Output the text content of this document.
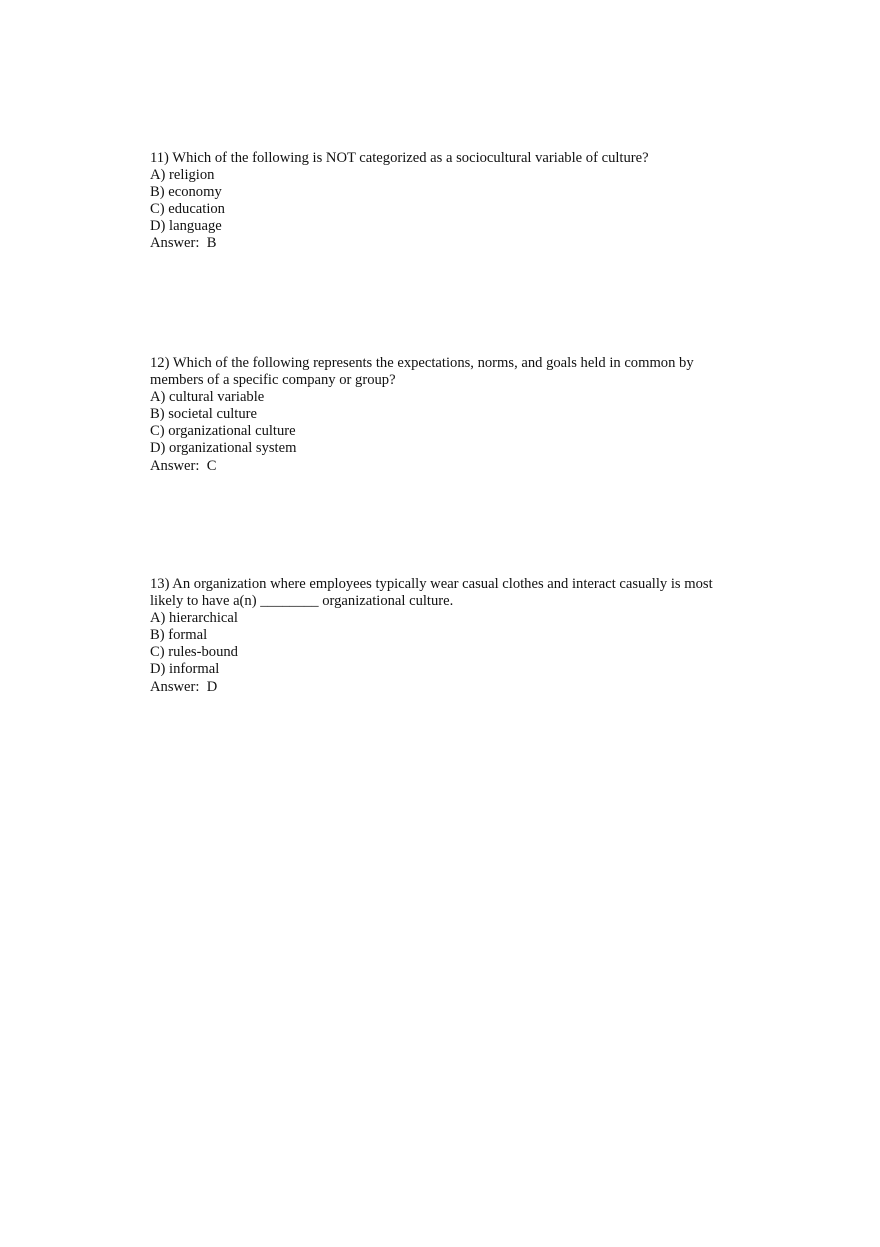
11) Which of the following is NOT categorized as a sociocultural variable of culture?
A) religion
B) economy
C) education
D) language
Answer:  B
12) Which of the following represents the expectations, norms, and goals held in common by
members of a specific company or group?
A) cultural variable
B) societal culture
C) organizational culture
D) organizational system
Answer:  C
13) An organization where employees typically wear casual clothes and interact casually is most
likely to have a(n) ________ organizational culture.
A) hierarchical
B) formal
C) rules-bound
D) informal
Answer:  D
